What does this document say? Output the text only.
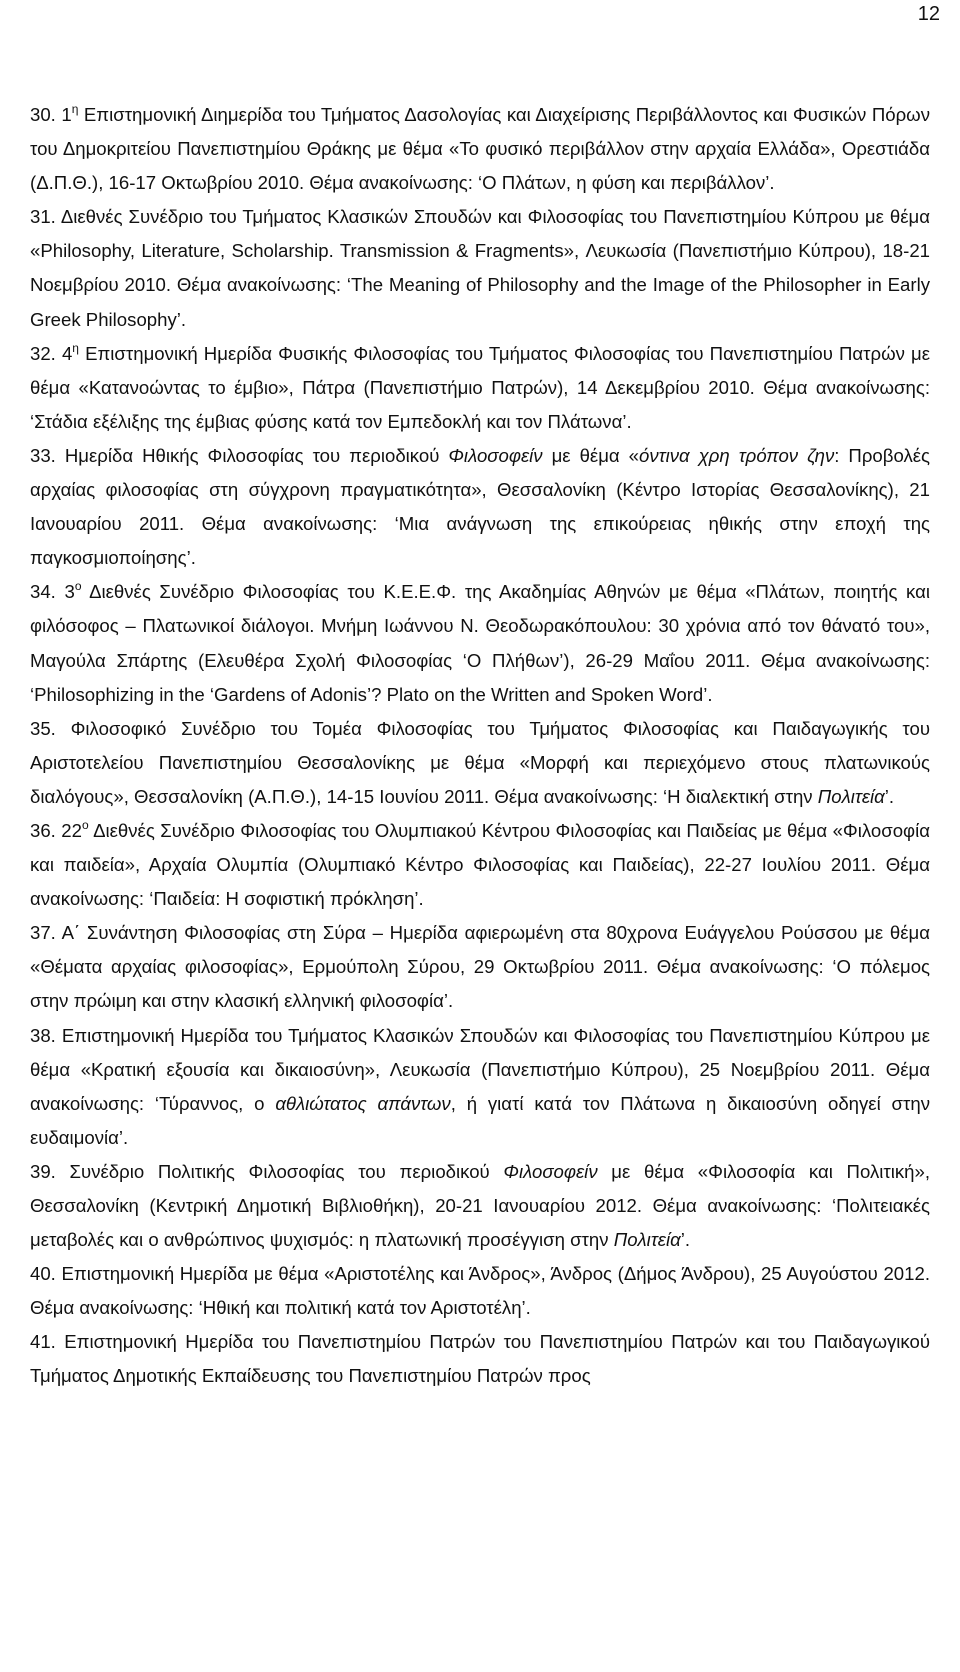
12
30. $1^\eta$ Επιστημονική Διημερίδα του Τμήματος Δασολογίας και Διαχείρισης Περιβάλλοντος και Φυσικών Πόρων του Δημοκριτείου Πανεπιστημίου Θράκης με θέμα «Το φυσικό περιβάλλον στην αρχαία Ελλάδα», Ορεστιάδα (Δ.Π.Θ.), 16-17 Οκτωβρίου 2010. Θέμα ανακοίνωσης: ‘Ο Πλάτων, η φύση και περιβάλλον’.
31. Διεθνές Συνέδριο του Τμήματος Κλασικών Σπουδών και Φιλοσοφίας του Πανεπιστημίου Κύπρου με θέμα «Philosophy, Literature, Scholarship. Transmission & Fragments», Λευκωσία (Πανεπιστήμιο Κύπρου), 18-21 Νοεμβρίου 2010. Θέμα ανακοίνωσης: ‘The Meaning of Philosophy and the Image of the Philosopher in Early Greek Philosophy’.
32. $4^\eta$ Επιστημονική Ημερίδα Φυσικής Φιλοσοφίας του Τμήματος Φιλοσοφίας του Πανεπιστημίου Πατρών με θέμα «Κατανοώντας το έμβιο», Πάτρα (Πανεπιστήμιο Πατρών), 14 Δεκεμβρίου 2010. Θέμα ανακοίνωσης: ‘Στάδια εξέλιξης της έμβιας φύσης κατά τον Εμπεδοκλή και τον Πλάτωνα’.
33. Ημερίδα Ηθικής Φιλοσοφίας του περιοδικού Φιλοσοφείν με θέμα «όντινα χρη τρόπον ζην: Προβολές αρχαίας φιλοσοφίας στη σύγχρονη πραγματικότητα», Θεσσαλονίκη (Κέντρο Ιστορίας Θεσσαλονίκης), 21 Ιανουαρίου 2011. Θέμα ανακοίνωσης: ‘Μια ανάγνωση της επικούρειας ηθικής στην εποχή της παγκοσμιοποίησης’.
34. $3^o$ Διεθνές Συνέδριο Φιλοσοφίας του Κ.Ε.Ε.Φ. της Ακαδημίας Αθηνών με θέμα «Πλάτων, ποιητής και φιλόσοφος – Πλατωνικοί διάλογοι. Μνήμη Ιωάννου Ν. Θεοδωρακόπουλου: 30 χρόνια από τον θάνατό του», Μαγούλα Σπάρτης (Ελευθέρα Σχολή Φιλοσοφίας ‘Ο Πλήθων’), 26-29 Μαΐου 2011. Θέμα ανακοίνωσης: ‘Philosophizing in the ‘Gardens of Adonis’? Plato on the Written and Spoken Word’.
35. Φιλοσοφικό Συνέδριο του Τομέα Φιλοσοφίας του Τμήματος Φιλοσοφίας και Παιδαγωγικής του Αριστοτελείου Πανεπιστημίου Θεσσαλονίκης με θέμα «Μορφή και περιεχόμενο στους πλατωνικούς διαλόγους», Θεσσαλονίκη (Α.Π.Θ.), 14-15 Ιουνίου 2011. Θέμα ανακοίνωσης: ‘Η διαλεκτική στην Πολιτεία’.
36. $22^o$ Διεθνές Συνέδριο Φιλοσοφίας του Ολυμπιακού Κέντρου Φιλοσοφίας και Παιδείας με θέμα «Φιλοσοφία και παιδεία», Αρχαία Ολυμπία (Ολυμπιακό Κέντρο Φιλοσοφίας και Παιδείας), 22-27 Ιουλίου 2011. Θέμα ανακοίνωσης: ‘Παιδεία: Η σοφιστική πρόκληση’.
37. Α΄ Συνάντηση Φιλοσοφίας στη Σύρα – Ημερίδα αφιερωμένη στα 80χρονα Ευάγγελου Ρούσσου με θέμα «Θέματα αρχαίας φιλοσοφίας», Ερμούπολη Σύρου, 29 Οκτωβρίου 2011. Θέμα ανακοίνωσης: ‘Ο πόλεμος στην πρώιμη και στην κλασική ελληνική φιλοσοφία’.
38. Επιστημονική Ημερίδα του Τμήματος Κλασικών Σπουδών και Φιλοσοφίας του Πανεπιστημίου Κύπρου με θέμα «Κρατική εξουσία και δικαιοσύνη», Λευκωσία (Πανεπιστήμιο Κύπρου), 25 Νοεμβρίου 2011. Θέμα ανακοίνωσης: ‘Τύραννος, ο αθλιώτατος απάντων, ή γιατί κατά τον Πλάτωνα η δικαιοσύνη οδηγεί στην ευδαιμονία’.
39. Συνέδριο Πολιτικής Φιλοσοφίας του περιοδικού Φιλοσοφείν με θέμα «Φιλοσοφία και Πολιτική», Θεσσαλονίκη (Κεντρική Δημοτική Βιβλιοθήκη), 20-21 Ιανουαρίου 2012. Θέμα ανακοίνωσης: ‘Πολιτειακές μεταβολές και ο ανθρώπινος ψυχισμός: η πλατωνική προσέγγιση στην Πολιτεία’.
40. Επιστημονική Ημερίδα με θέμα «Αριστοτέλης και Άνδρος», Άνδρος (Δήμος Άνδρου), 25 Αυγούστου 2012. Θέμα ανακοίνωσης: ‘Ηθική και πολιτική κατά τον Αριστοτέλη’.
41. Επιστημονική Ημερίδα του Πανεπιστημίου Πατρών του Πανεπιστημίου Πατρών και του Παιδαγωγικού Τμήματος Δημοτικής Εκπαίδευσης του Πανεπιστημίου Πατρών προς
